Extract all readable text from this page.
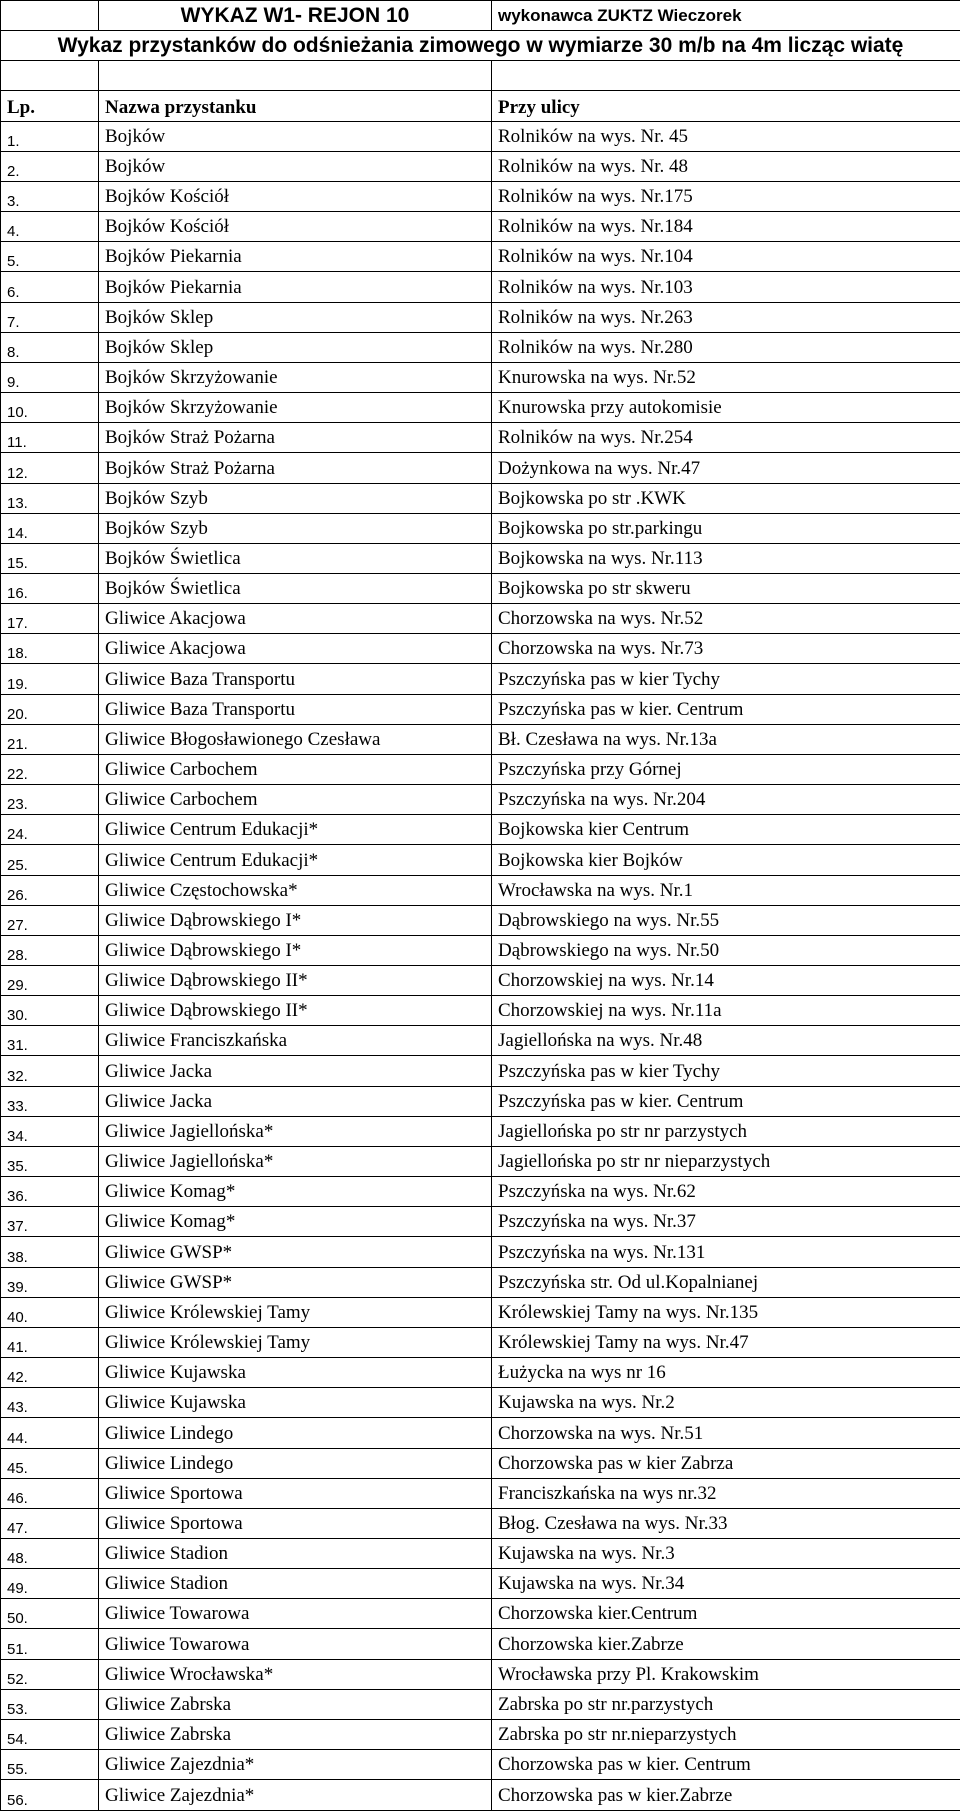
	WYKAZ W1- REJON 10	wykonawca ZUKTZ Wieczorek
Wykaz przystanków do odśnieżania zimowego w wymiarze 30 m/b na 4m licząc wiatę		

Lp.	Nazwa przystanku	Przy ulicy
1.	Bojków	Rolników na wys. Nr. 45
2.	Bojków	Rolników na wys. Nr. 48
3.	Bojków Kościół	Rolników na wys. Nr.175
4.	Bojków Kościół	Rolników na wys. Nr.184
5.	Bojków Piekarnia	Rolników na wys. Nr.104
6.	Bojków Piekarnia	Rolników na wys. Nr.103
7.	Bojków Sklep	Rolników na wys. Nr.263
8.	Bojków Sklep	Rolników na wys. Nr.280
9.	Bojków Skrzyżowanie	Knurowska na wys. Nr.52
10.	Bojków Skrzyżowanie	Knurowska przy autokomisie
11.	Bojków Straż Pożarna	Rolników na wys. Nr.254
12.	Bojków Straż Pożarna	Dożynkowa na wys. Nr.47
13.	Bojków Szyb	Bojkowska po str .KWK
14.	Bojków Szyb	Bojkowska po str.parkingu
15.	Bojków Świetlica	Bojkowska na wys. Nr.113
16.	Bojków Świetlica	Bojkowska po str skweru
17.	Gliwice Akacjowa	Chorzowska na wys. Nr.52
18.	Gliwice Akacjowa	Chorzowska na wys. Nr.73
19.	Gliwice Baza Transportu	Pszczyńska pas w kier Tychy
20.	Gliwice Baza Transportu	Pszczyńska pas w kier. Centrum
21.	Gliwice Błogosławionego Czesława	Bł. Czesława na wys. Nr.13a
22.	Gliwice Carbochem	Pszczyńska przy Górnej
23.	Gliwice Carbochem	Pszczyńska na wys. Nr.204
24.	Gliwice Centrum Edukacji*	Bojkowska kier Centrum
25.	Gliwice Centrum Edukacji*	Bojkowska kier Bojków
26.	Gliwice Częstochowska*	Wrocławska na wys. Nr.1
27.	Gliwice Dąbrowskiego I*	Dąbrowskiego na wys. Nr.55
28.	Gliwice Dąbrowskiego I*	Dąbrowskiego na wys. Nr.50
29.	Gliwice Dąbrowskiego II*	Chorzowskiej na wys. Nr.14
30.	Gliwice Dąbrowskiego II*	Chorzowskiej na wys. Nr.11a
31.	Gliwice Franciszkańska	Jagiellońska na wys. Nr.48
32.	Gliwice Jacka	Pszczyńska pas w kier Tychy
33.	Gliwice Jacka	Pszczyńska pas w kier. Centrum
34.	Gliwice Jagiellońska*	Jagiellońska po str nr parzystych
35.	Gliwice Jagiellońska*	Jagiellońska po str nr nieparzystych
36.	Gliwice Komag*	Pszczyńska na wys. Nr.62
37.	Gliwice Komag*	Pszczyńska na wys. Nr.37
38.	Gliwice GWSP*	Pszczyńska na wys. Nr.131
39.	Gliwice GWSP*	Pszczyńska str. Od ul.Kopalnianej
40.	Gliwice Królewskiej Tamy	Królewskiej Tamy na wys. Nr.135
41.	Gliwice Królewskiej Tamy	Królewskiej Tamy na wys. Nr.47
42.	Gliwice Kujawska	Łużycka na wys nr 16
43.	Gliwice Kujawska	Kujawska na wys. Nr.2
44.	Gliwice Lindego	Chorzowska na wys. Nr.51
45.	Gliwice Lindego	Chorzowska pas w kier Zabrza
46.	Gliwice Sportowa	Franciszkańska na wys nr.32
47.	Gliwice Sportowa	Błog. Czesława na wys. Nr.33
48.	Gliwice Stadion	Kujawska na wys. Nr.3
49.	Gliwice Stadion	Kujawska na wys. Nr.34
50.	Gliwice Towarowa	Chorzowska kier.Centrum
51.	Gliwice Towarowa	Chorzowska kier.Zabrze
52.	Gliwice Wrocławska*	Wrocławska przy Pl. Krakowskim
53.	Gliwice Zabrska	Zabrska po str nr.parzystych
54.	Gliwice Zabrska	Zabrska po str nr.nieparzystych
55.	Gliwice Zajezdnia*	Chorzowska pas w kier. Centrum
56.	Gliwice Zajezdnia*	Chorzowska pas w kier.Zabrze
